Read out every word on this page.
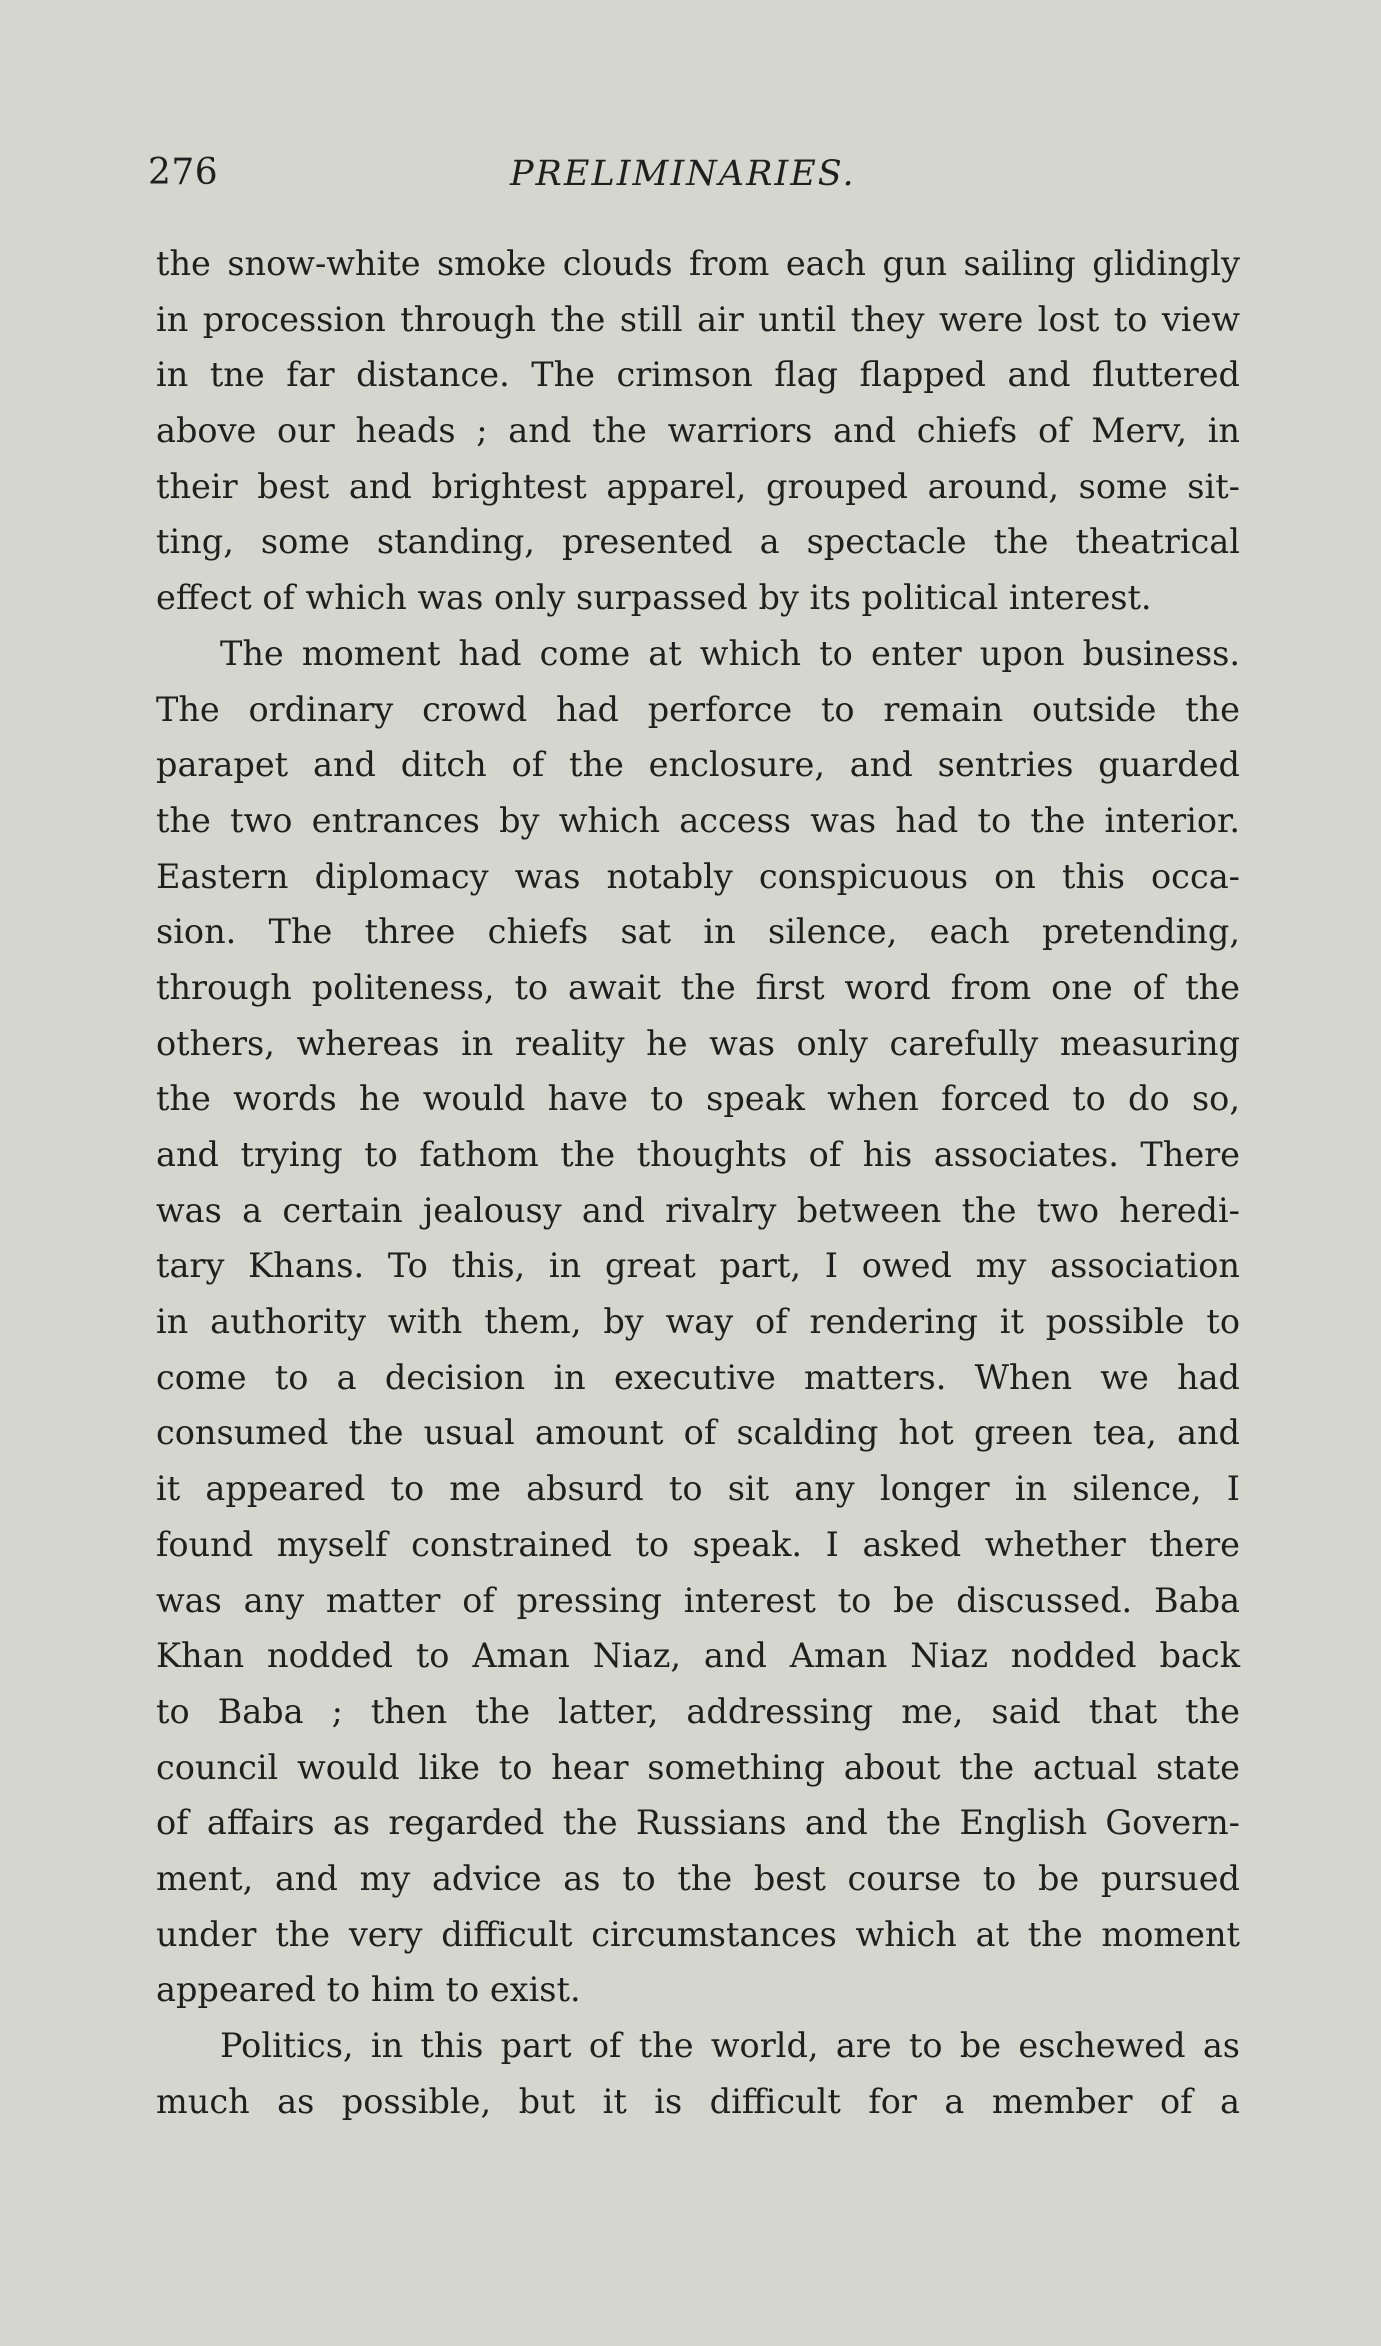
276	PRELIMINARIES.
the snow-white smoke clouds from each gun sailing glidingly
in procession through the still air until they were lost to view
in tne far distance. The crimson flag flapped and fluttered
above our heads ; and the warriors and chiefs of Merv, in
their best and brightest apparel, grouped around, some sit-
ting, some standing, presented a spectacle the theatrical
effect of which was only surpassed by its political interest.
The moment had come at which to enter upon business.
The ordinary crowd had perforce to remain outside the
parapet and ditch of the enclosure, and sentries guarded
the two entrances by which access was had to the interior.
Eastern diplomacy was notably conspicuous on this occa-
sion. The three chiefs sat in silence, each pretending,
through politeness, to await the first word from one of the
others, whereas in reality he was only carefully measuring
the words he would have to speak when forced to do so,
and trying to fathom the thoughts of his associates. There
was a certain jealousy and rivalry between the two heredi-
tary Khans. To this, in great part, I owed my association
in authority with them, by way of rendering it possible to
come to a decision in executive matters. When we had
consumed the usual amount of scalding hot green tea, and
it appeared to me absurd to sit any longer in silence, I
found myself constrained to speak. I asked whether there
was any matter of pressing interest to be discussed. Baba
Khan nodded to Aman Niaz, and Aman Niaz nodded back
to Baba ; then the latter, addressing me, said that the
council would like to hear something about the actual state
of affairs as regarded the Russians and the English Govern-
ment, and my advice as to the best course to be pursued
under the very difficult circumstances which at the moment
appeared to him to exist.
Politics, in this part of the world, are to be eschewed as
much as possible, but it is difficult for a member of a
